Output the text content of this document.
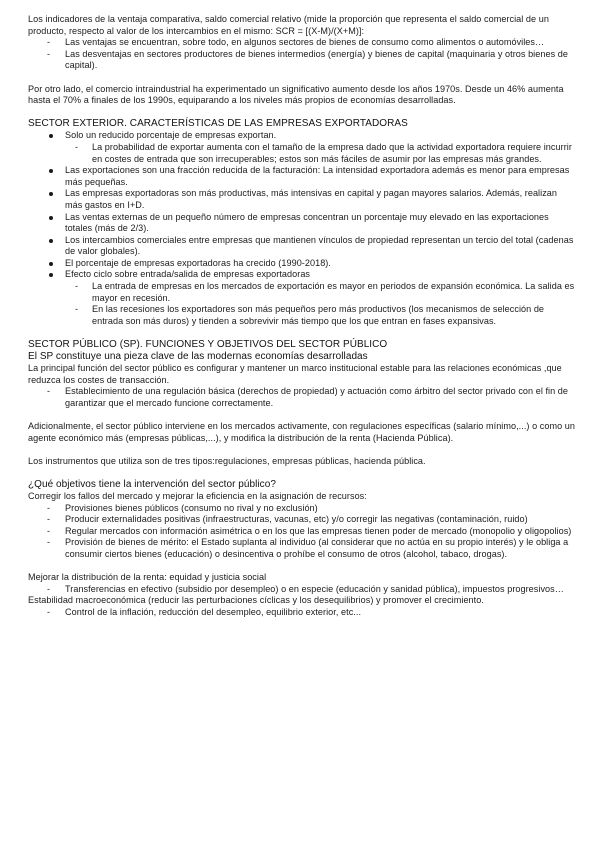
Los indicadores de la ventaja comparativa, saldo comercial relativo (mide la proporción que representa el saldo comercial de un producto, respecto al valor de los intercambios en el mismo: SCR = [(X-M)/(X+M)]:

- Las ventajas se encuentran, sobre todo, en algunos sectores de bienes de consumo como alimentos o automóviles…
- Las desventajas en sectores productores de bienes intermedios (energía) y bienes de capital (maquinaria y otros bienes de capital).

Por otro lado, el comercio intraindustrial ha experimentado un significativo aumento desde los años 1970s. Desde un 46% aumenta hasta el 70% a finales de los 1990s, equiparando a los niveles más propios de economías desarrolladas.

SECTOR EXTERIOR. CARACTERÍSTICAS DE LAS EMPRESAS EXPORTADORAS

Solo un reducido porcentaje de empresas exportan.
- La probabilidad de exportar aumenta con el tamaño de la empresa dado que la actividad exportadora requiere incurrir en costes de entrada que son irrecuperables; estos son más fáciles de asumir por las empresas más grandes.
Las exportaciones son una fracción reducida de la facturación: La intensidad exportadora además es menor para empresas más pequeñas.
Las empresas exportadoras son más productivas, más intensivas en capital y pagan mayores salarios. Además, realizan más gastos en I+D.
Las ventas externas de un pequeño número de empresas concentran un porcentaje muy elevado en las exportaciones totales (más de 2/3).
Los intercambios comerciales entre empresas que mantienen vínculos de propiedad representan un tercio del total (cadenas de valor globales).
El porcentaje de empresas exportadoras ha crecido (1990-2018).
Efecto ciclo sobre entrada/salida de empresas exportadoras
- La entrada de empresas en los mercados de exportación es mayor en periodos de expansión económica. La salida es mayor en recesión.
- En las recesiones los exportadores son más pequeños pero más productivos (los mecanismos de selección de entrada son más duros) y tienden a sobrevivir más tiempo que los que entran en fases expansivas.

SECTOR PÚBLICO (SP). FUNCIONES Y OBJETIVOS DEL SECTOR PÚBLICO

El SP constituye una pieza clave de las modernas economías desarrolladas

La principal función del sector público es configurar y mantener un marco institucional estable para las relaciones económicas ,que reduzca los costes de transacción.

- Establecimiento de una regulación básica (derechos de propiedad) y actuación como árbitro del sector privado con el fin de garantizar que el mercado funcione correctamente.

Adicionalmente, el sector público interviene en los mercados activamente, con regulaciones específicas (salario mínimo,...) o como un agente económico más (empresas públicas,...), y modifica la distribución de la renta (Hacienda Pública).

Los instrumentos que utiliza son de tres tipos:regulaciones, empresas públicas, hacienda pública.

¿Qué objetivos tiene la intervención del sector público?

Corregir los fallos del mercado y mejorar la eficiencia en la asignación de recursos:

- Provisiones bienes públicos (consumo no rival y no exclusión)
- Producir externalidades positivas (infraestructuras, vacunas, etc) y/o corregir las negativas (contaminación, ruido)
- Regular mercados con información asimétrica o en los que las empresas tienen poder de mercado (monopolio y oligopolios)
- Provisión de bienes de mérito: el Estado suplanta al individuo (al considerar que no actúa en su propio interés) y le obliga a consumir ciertos bienes (educación) o desincentiva o prohíbe el consumo de otros (alcohol, tabaco, drogas).

Mejorar la distribución de la renta: equidad y justicia social

- Transferencias en efectivo (subsidio por desempleo) o en especie (educación y sanidad pública), impuestos progresivos…

Estabilidad macroeconómica (reducir las perturbaciones cíclicas y los desequilibrios) y promover el crecimiento.

- Control de la inflación, reducción del desempleo, equilibrio exterior, etc...
